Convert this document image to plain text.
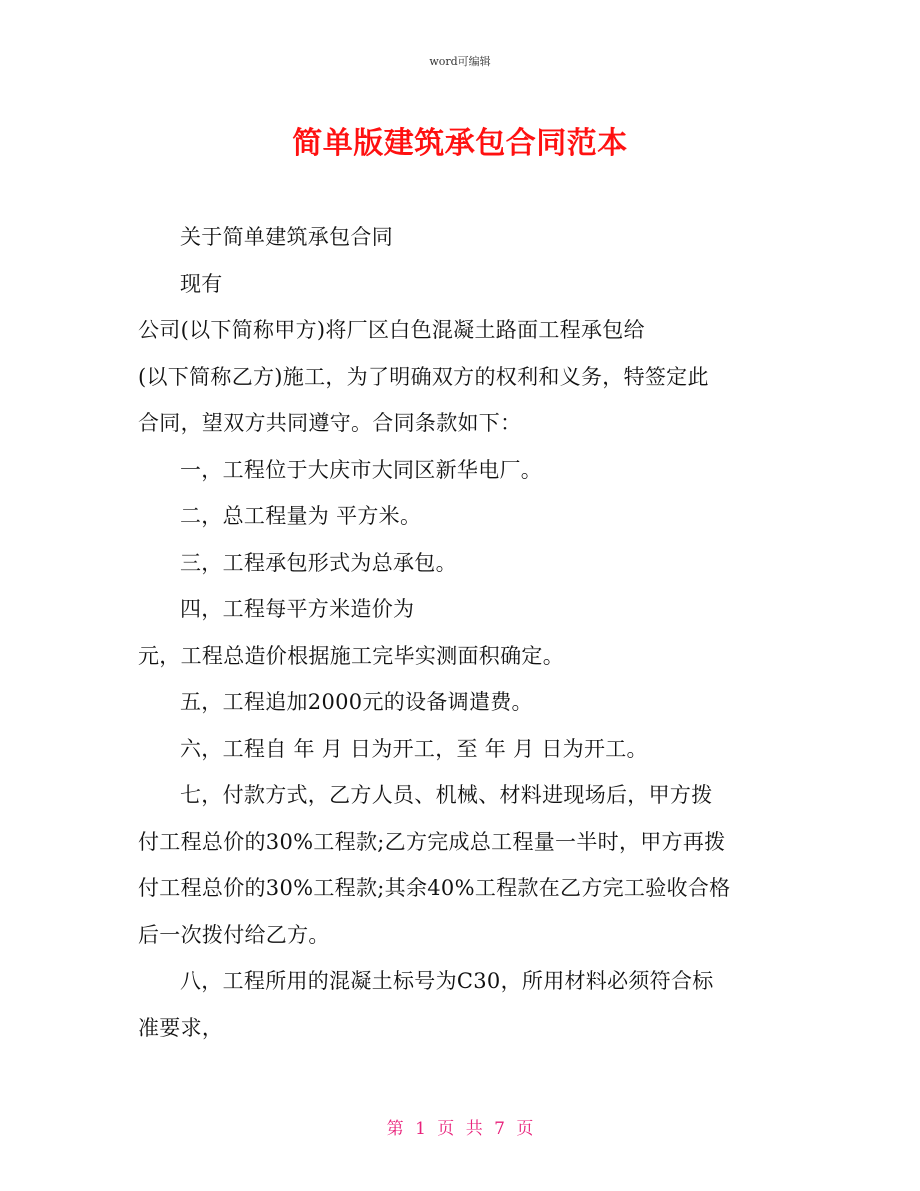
word可编辑
简单版建筑承包合同范本
关于简单建筑承包合同
现有
公司(以下简称甲方)将厂区白色混凝土路面工程承包给
(以下简称乙方)施工，为了明确双方的权利和义务，特签定此
合同，望双方共同遵守。合同条款如下：
一，工程位于大庆市大同区新华电厂。
二，总工程量为 平方米。
三，工程承包形式为总承包。
四，工程每平方米造价为
元，工程总造价根据施工完毕实测面积确定。
五，工程追加2000元的设备调遣费。
六，工程自 年 月 日为开工，至 年 月 日为开工。
七，付款方式，乙方人员、机械、材料进现场后，甲方拨
付工程总价的30%工程款;乙方完成总工程量一半时，甲方再拨
付工程总价的30%工程款;其余40%工程款在乙方完工验收合格
后一次拨付给乙方。
八，工程所用的混凝土标号为C30，所用材料必须符合标
准要求，
第 1 页 共 7 页
